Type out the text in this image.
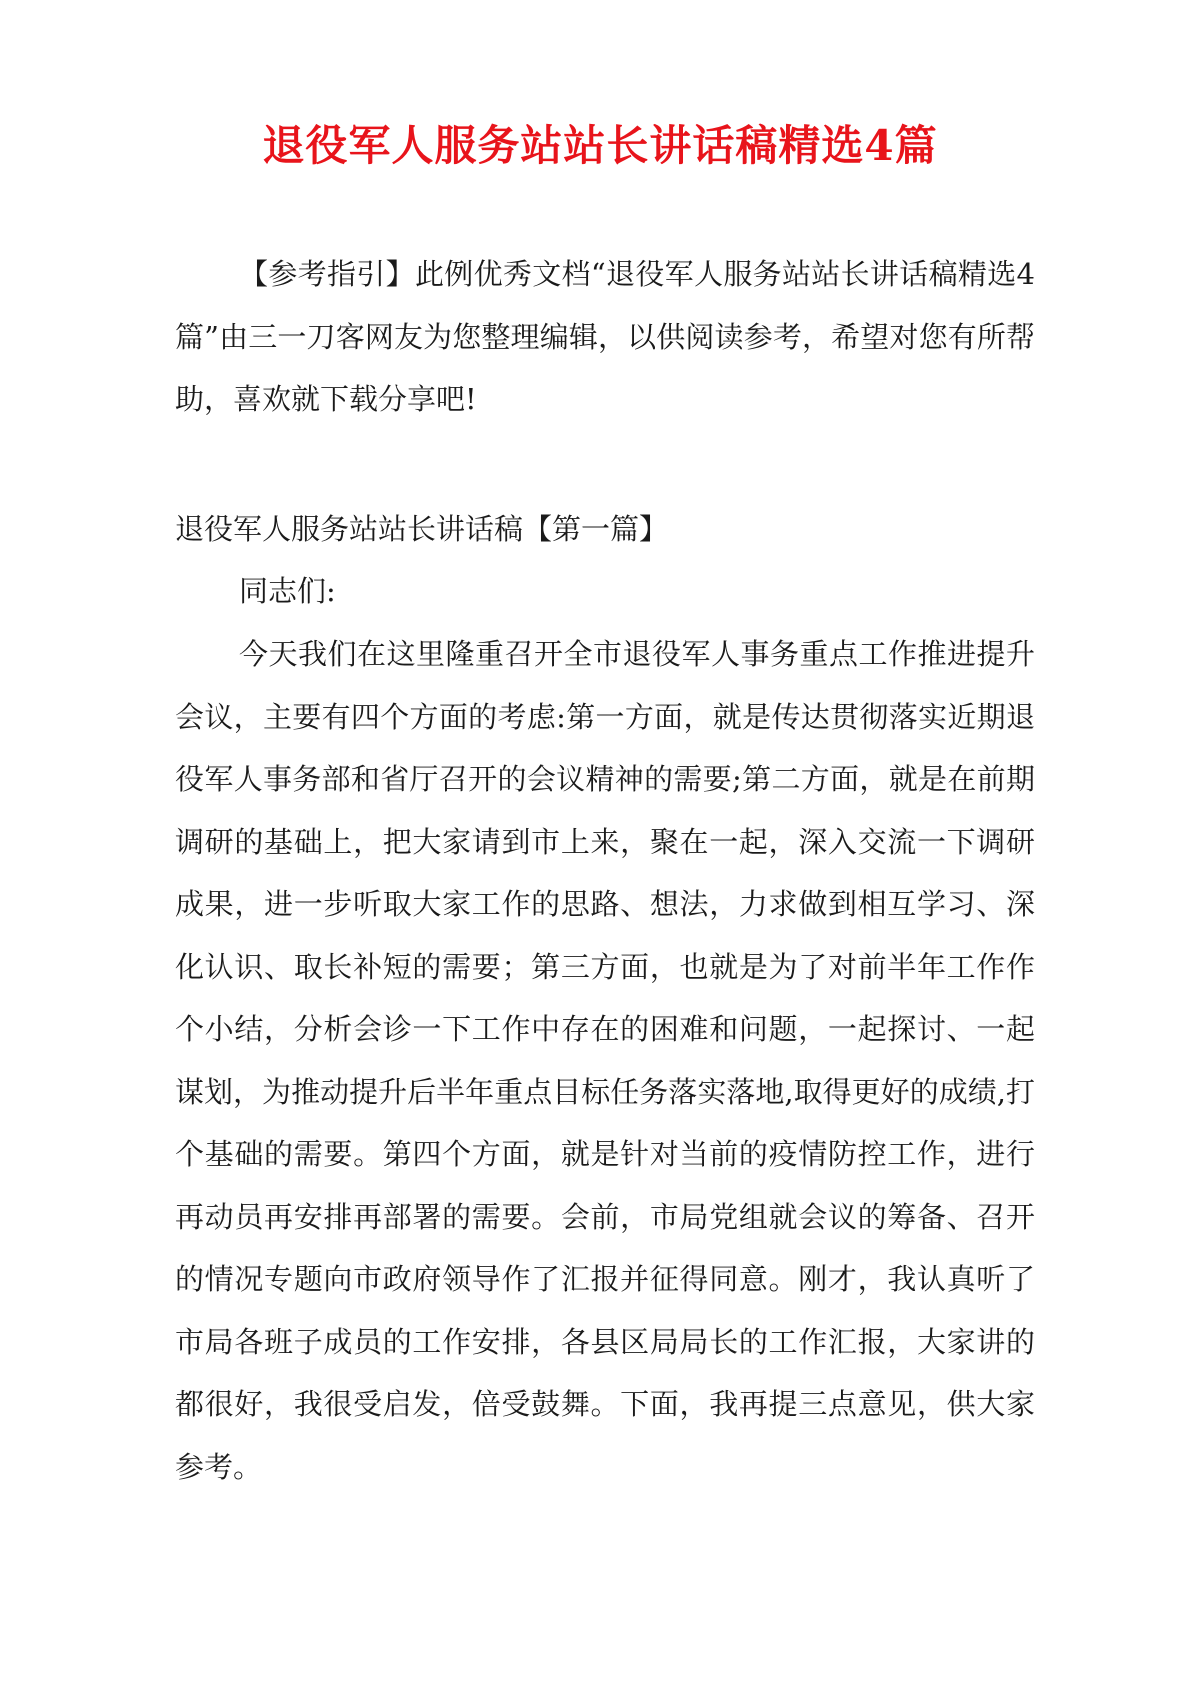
退役军人服务站站长讲话稿精选4篇

【参考指引】此例优秀文档“退役军人服务站站长讲话稿精选4篇”由三一刀客网友为您整理编辑，以供阅读参考，希望对您有所帮助，喜欢就下载分享吧!

退役军人服务站站长讲话稿【第一篇】

同志们:

今天我们在这里隆重召开全市退役军人事务重点工作推进提升会议，主要有四个方面的考虑:第一方面，就是传达贯彻落实近期退役军人事务部和省厅召开的会议精神的需要;第二方面，就是在前期调研的基础上，把大家请到市上来，聚在一起，深入交流一下调研成果，进一步听取大家工作的思路、想法，力求做到相互学习、深化认识、取长补短的需要；第三方面，也就是为了对前半年工作作个小结，分析会诊一下工作中存在的困难和问题，一起探讨、一起谋划，为推动提升后半年重点目标任务落实落地,取得更好的成绩,打个基础的需要。第四个方面，就是针对当前的疫情防控工作，进行再动员再安排再部署的需要。会前，市局党组就会议的筹备、召开的情况专题向市政府领导作了汇报并征得同意。刚才，我认真听了市局各班子成员的工作安排，各县区局局长的工作汇报，大家讲的都很好，我很受启发，倍受鼓舞。下面，我再提三点意见，供大家参考。
